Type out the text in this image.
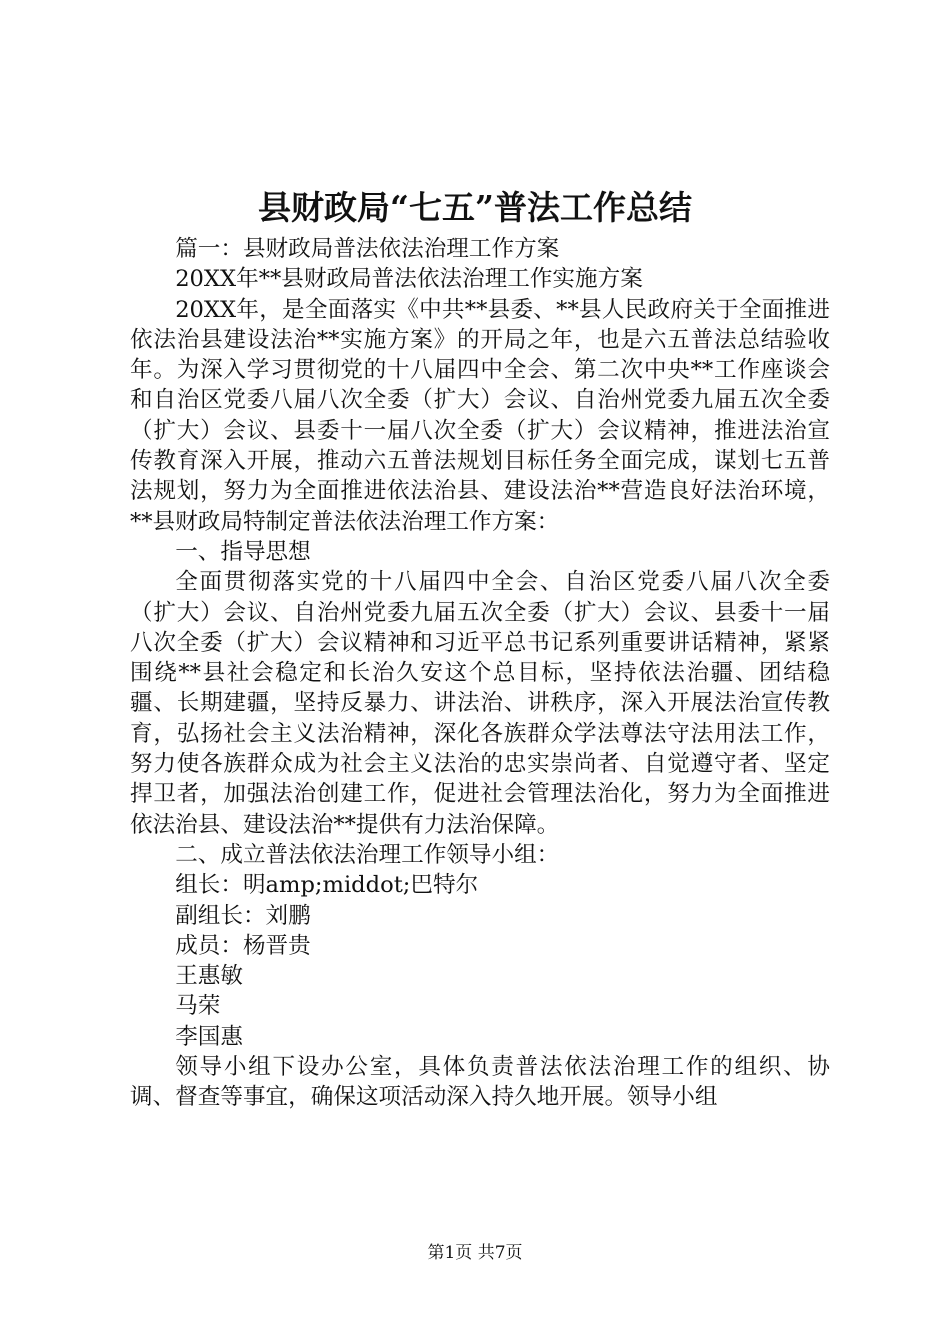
县财政局“七五”普法工作总结

篇一：县财政局普法依法治理工作方案

20XX年**县财政局普法依法治理工作实施方案

20XX年，是全面落实《中共**县委、**县人民政府关于全面推进依法治县建设法治**实施方案》的开局之年，也是六五普法总结验收年。为深入学习贯彻党的十八届四中全会、第二次中央**工作座谈会和自治区党委八届八次全委（扩大）会议、自治州党委九届五次全委（扩大）会议、县委十一届八次全委（扩大）会议精神，推进法治宣传教育深入开展，推动六五普法规划目标任务全面完成，谋划七五普法规划，努力为全面推进依法治县、建设法治**营造良好法治环境，**县财政局特制定普法依法治理工作方案：

一、指导思想

全面贯彻落实党的十八届四中全会、自治区党委八届八次全委（扩大）会议、自治州党委九届五次全委（扩大）会议、县委十一届八次全委（扩大）会议精神和习近平总书记系列重要讲话精神，紧紧围绕**县社会稳定和长治久安这个总目标，坚持依法治疆、团结稳疆、长期建疆，坚持反暴力、讲法治、讲秩序，深入开展法治宣传教育，弘扬社会主义法治精神，深化各族群众学法尊法守法用法工作，努力使各族群众成为社会主义法治的忠实崇尚者、自觉遵守者、坚定捍卫者，加强法治创建工作，促进社会管理法治化，努力为全面推进依法治县、建设法治**提供有力法治保障。

二、成立普法依法治理工作领导小组：

组长：明amp;middot;巴特尔

副组长：刘鹏

成员：杨晋贵

王惠敏

马荣

李国惠

领导小组下设办公室，具体负责普法依法治理工作的组织、协调、督查等事宜，确保这项活动深入持久地开展。领导小组

第1页 共7页
